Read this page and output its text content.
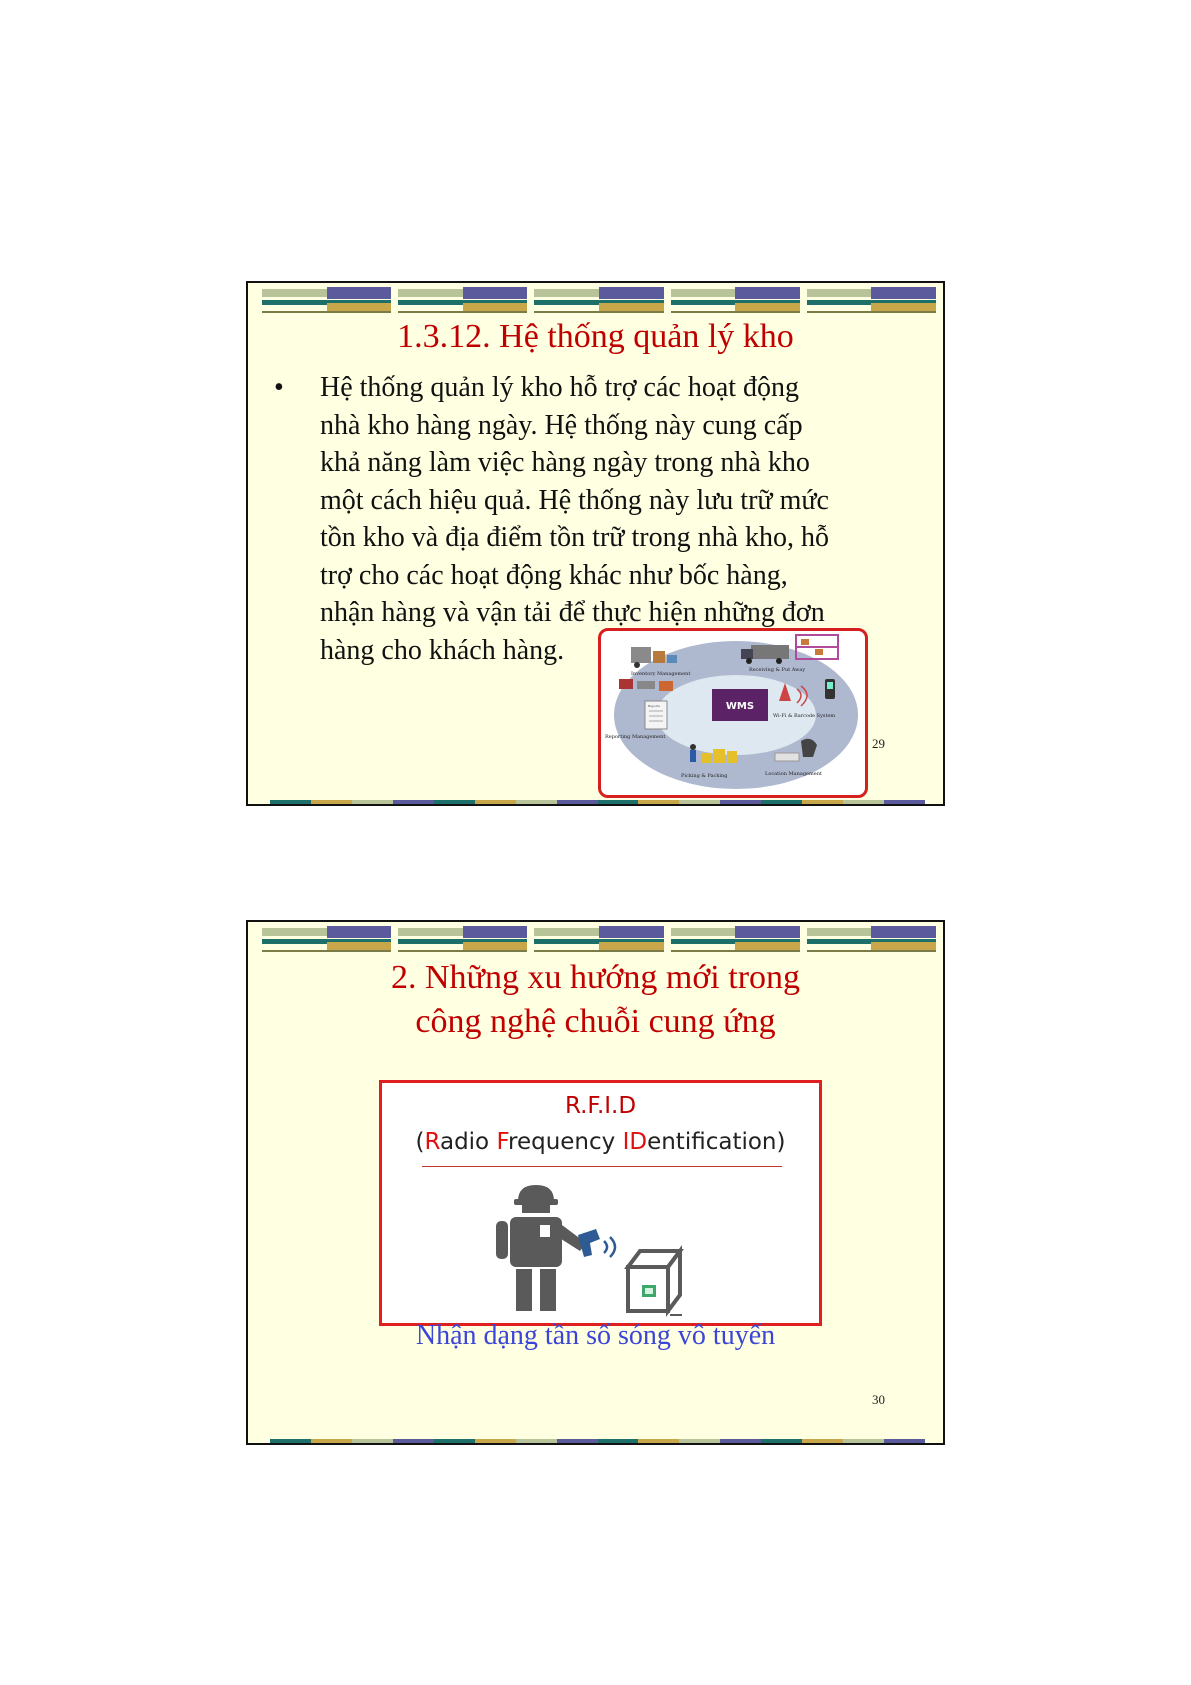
1.3.12. Hệ thống quản lý kho
• Hệ thống quản lý kho hỗ trợ các hoạt động
nhà kho hàng ngày. Hệ thống này cung cấp
khả năng làm việc hàng ngày trong nhà kho
một cách hiệu quả. Hệ thống này lưu trữ mức
tồn kho và địa điểm tồn trữ trong nhà kho, hỗ
trợ cho các hoạt động khác như bốc hàng,
nhận hàng và vận tải để thực hiện những đơn
hàng cho khách hàng.
WMS
Inventory Management
Receiving & Put Away
Wi-Fi & Barcode System
Reports
Reporting Management
Picking & Packing	Location Management
29
2. Những xu hướng mới trong
công nghệ chuỗi cung ứng
R.F.I.D
(Radio Frequency IDentification)
Nhận dạng tần số sóng vô tuyến
30
